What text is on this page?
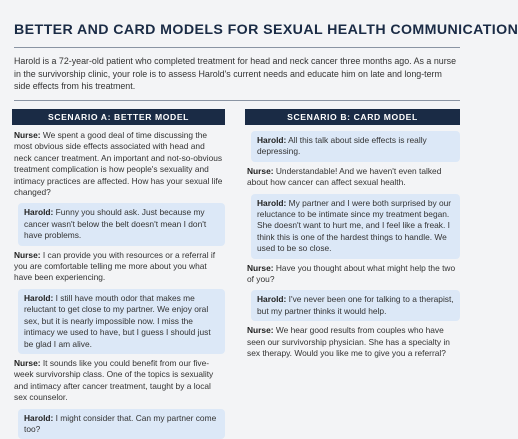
BETTER AND CARD MODELS FOR SEXUAL HEALTH COMMUNICATION
Harold is a 72-year-old patient who completed treatment for head and neck cancer three months ago. As a nurse in the survivorship clinic, your role is to assess Harold's current needs and educate him on late and long-term side effects from his treatment.
SCENARIO A: BETTER MODEL
Nurse: We spent a good deal of time discussing the most obvious side effects associated with head and neck cancer treatment. An important and not-so-obvious treatment complication is how people's sexuality and intimacy practices are affected. How has your sexual life changed?
Harold: Funny you should ask. Just because my cancer wasn't below the belt doesn't mean I don't have problems.
Nurse: I can provide you with resources or a referral if you are comfortable telling me more about you what have been experiencing.
Harold: I still have mouth odor that makes me reluctant to get close to my partner. We enjoy oral sex, but it is nearly impossible now. I miss the intimacy we used to have, but I guess I should just be glad I am alive.
Nurse: It sounds like you could benefit from our five-week survivorship class. One of the topics is sexuality and intimacy after cancer treatment, taught by a local sex counselor.
Harold: I might consider that. Can my partner come too?
SCENARIO B: CARD MODEL
Harold: All this talk about side effects is really depressing.
Nurse: Understandable! And we haven't even talked about how cancer can affect sexual health.
Harold: My partner and I were both surprised by our reluctance to be intimate since my treatment began. She doesn't want to hurt me, and I feel like a freak. I think this is one of the hardest things to handle. We used to be so close.
Nurse: Have you thought about what might help the two of you?
Harold: I've never been one for talking to a therapist, but my partner thinks it would help.
Nurse: We hear good results from couples who have seen our survivorship physician. She has a specialty in sex therapy. Would you like me to give you a referral?
